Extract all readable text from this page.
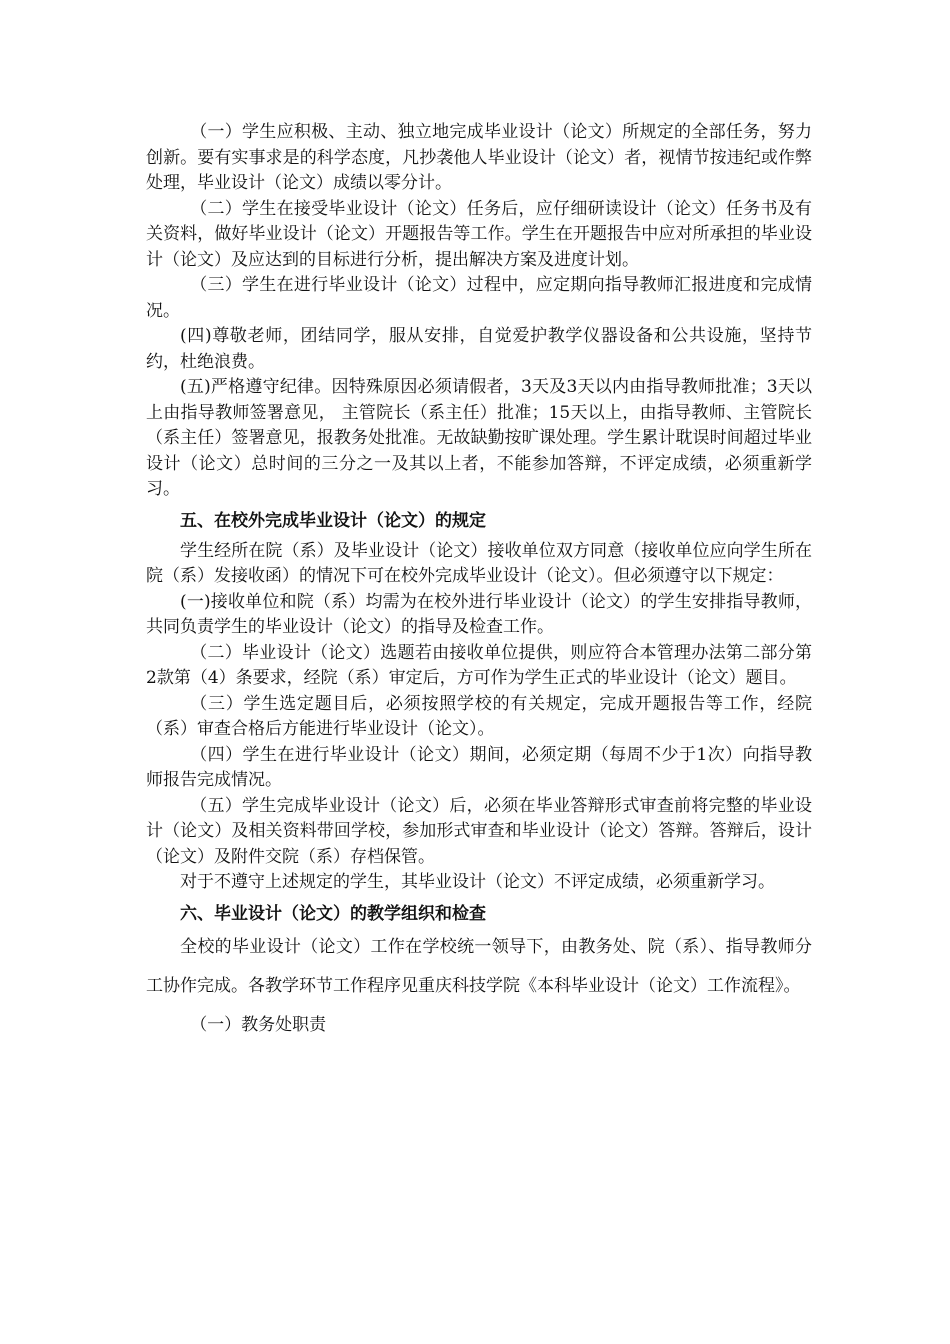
（一）学生应积极、主动、独立地完成毕业设计（论文）所规定的全部任务，努力创新。要有实事求是的科学态度，凡抄袭他人毕业设计（论文）者，视情节按违纪或作弊处理，毕业设计（论文）成绩以零分计。

（二）学生在接受毕业设计（论文）任务后，应仔细研读设计（论文）任务书及有关资料，做好毕业设计（论文）开题报告等工作。学生在开题报告中应对所承担的毕业设计（论文）及应达到的目标进行分析，提出解决方案及进度计划。

（三）学生在进行毕业设计（论文）过程中，应定期向指导教师汇报进度和完成情况。

(四)尊敬老师，团结同学，服从安排，自觉爱护教学仪器设备和公共设施，坚持节约，杜绝浪费。

(五)严格遵守纪律。因特殊原因必须请假者，3天及3天以内由指导教师批准；3天以上由指导教师签署意见， 主管院长（系主任）批准；15天以上，由指导教师、主管院长（系主任）签署意见，报教务处批准。无故缺勤按旷课处理。学生累计耽误时间超过毕业设计（论文）总时间的三分之一及其以上者，不能参加答辩，不评定成绩，必须重新学习。

五、在校外完成毕业设计（论文）的规定

学生经所在院（系）及毕业设计（论文）接收单位双方同意（接收单位应向学生所在院（系）发接收函）的情况下可在校外完成毕业设计（论文）。但必须遵守以下规定：

(一)接收单位和院（系）均需为在校外进行毕业设计（论文）的学生安排指导教师，共同负责学生的毕业设计（论文）的指导及检查工作。

（二）毕业设计（论文）选题若由接收单位提供，则应符合本管理办法第二部分第2款第（4）条要求，经院（系）审定后，方可作为学生正式的毕业设计（论文）题目。

（三）学生选定题目后，必须按照学校的有关规定，完成开题报告等工作，经院（系）审查合格后方能进行毕业设计（论文）。

（四）学生在进行毕业设计（论文）期间，必须定期（每周不少于1次）向指导教师报告完成情况。

（五）学生完成毕业设计（论文）后，必须在毕业答辩形式审查前将完整的毕业设计（论文）及相关资料带回学校，参加形式审查和毕业设计（论文）答辩。答辩后，设计（论文）及附件交院（系）存档保管。

对于不遵守上述规定的学生，其毕业设计（论文）不评定成绩，必须重新学习。

六、毕业设计（论文）的教学组织和检查

全校的毕业设计（论文）工作在学校统一领导下，由教务处、院（系）、指导教师分工协作完成。各教学环节工作程序见重庆科技学院《本科毕业设计（论文）工作流程》。

（一）教务处职责
